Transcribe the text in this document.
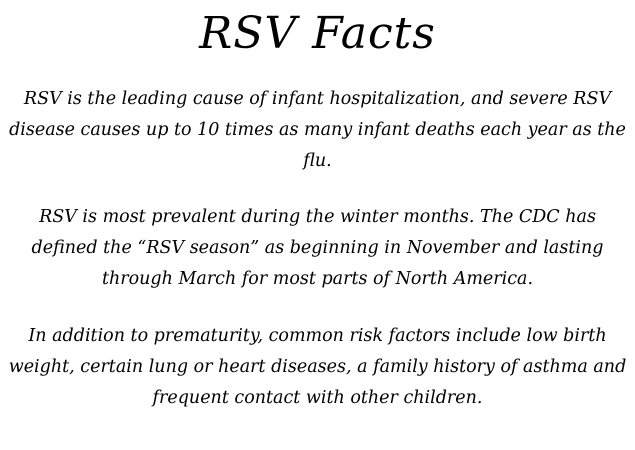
RSV Facts

RSV is the leading cause of infant hospitalization, and severe RSV disease causes up to 10 times as many infant deaths each year as the flu.

RSV is most prevalent during the winter months. The CDC has defined the “RSV season” as beginning in November and lasting through March for most parts of North America.

In addition to prematurity, common risk factors include low birth weight, certain lung or heart diseases, a family history of asthma and frequent contact with other children.
